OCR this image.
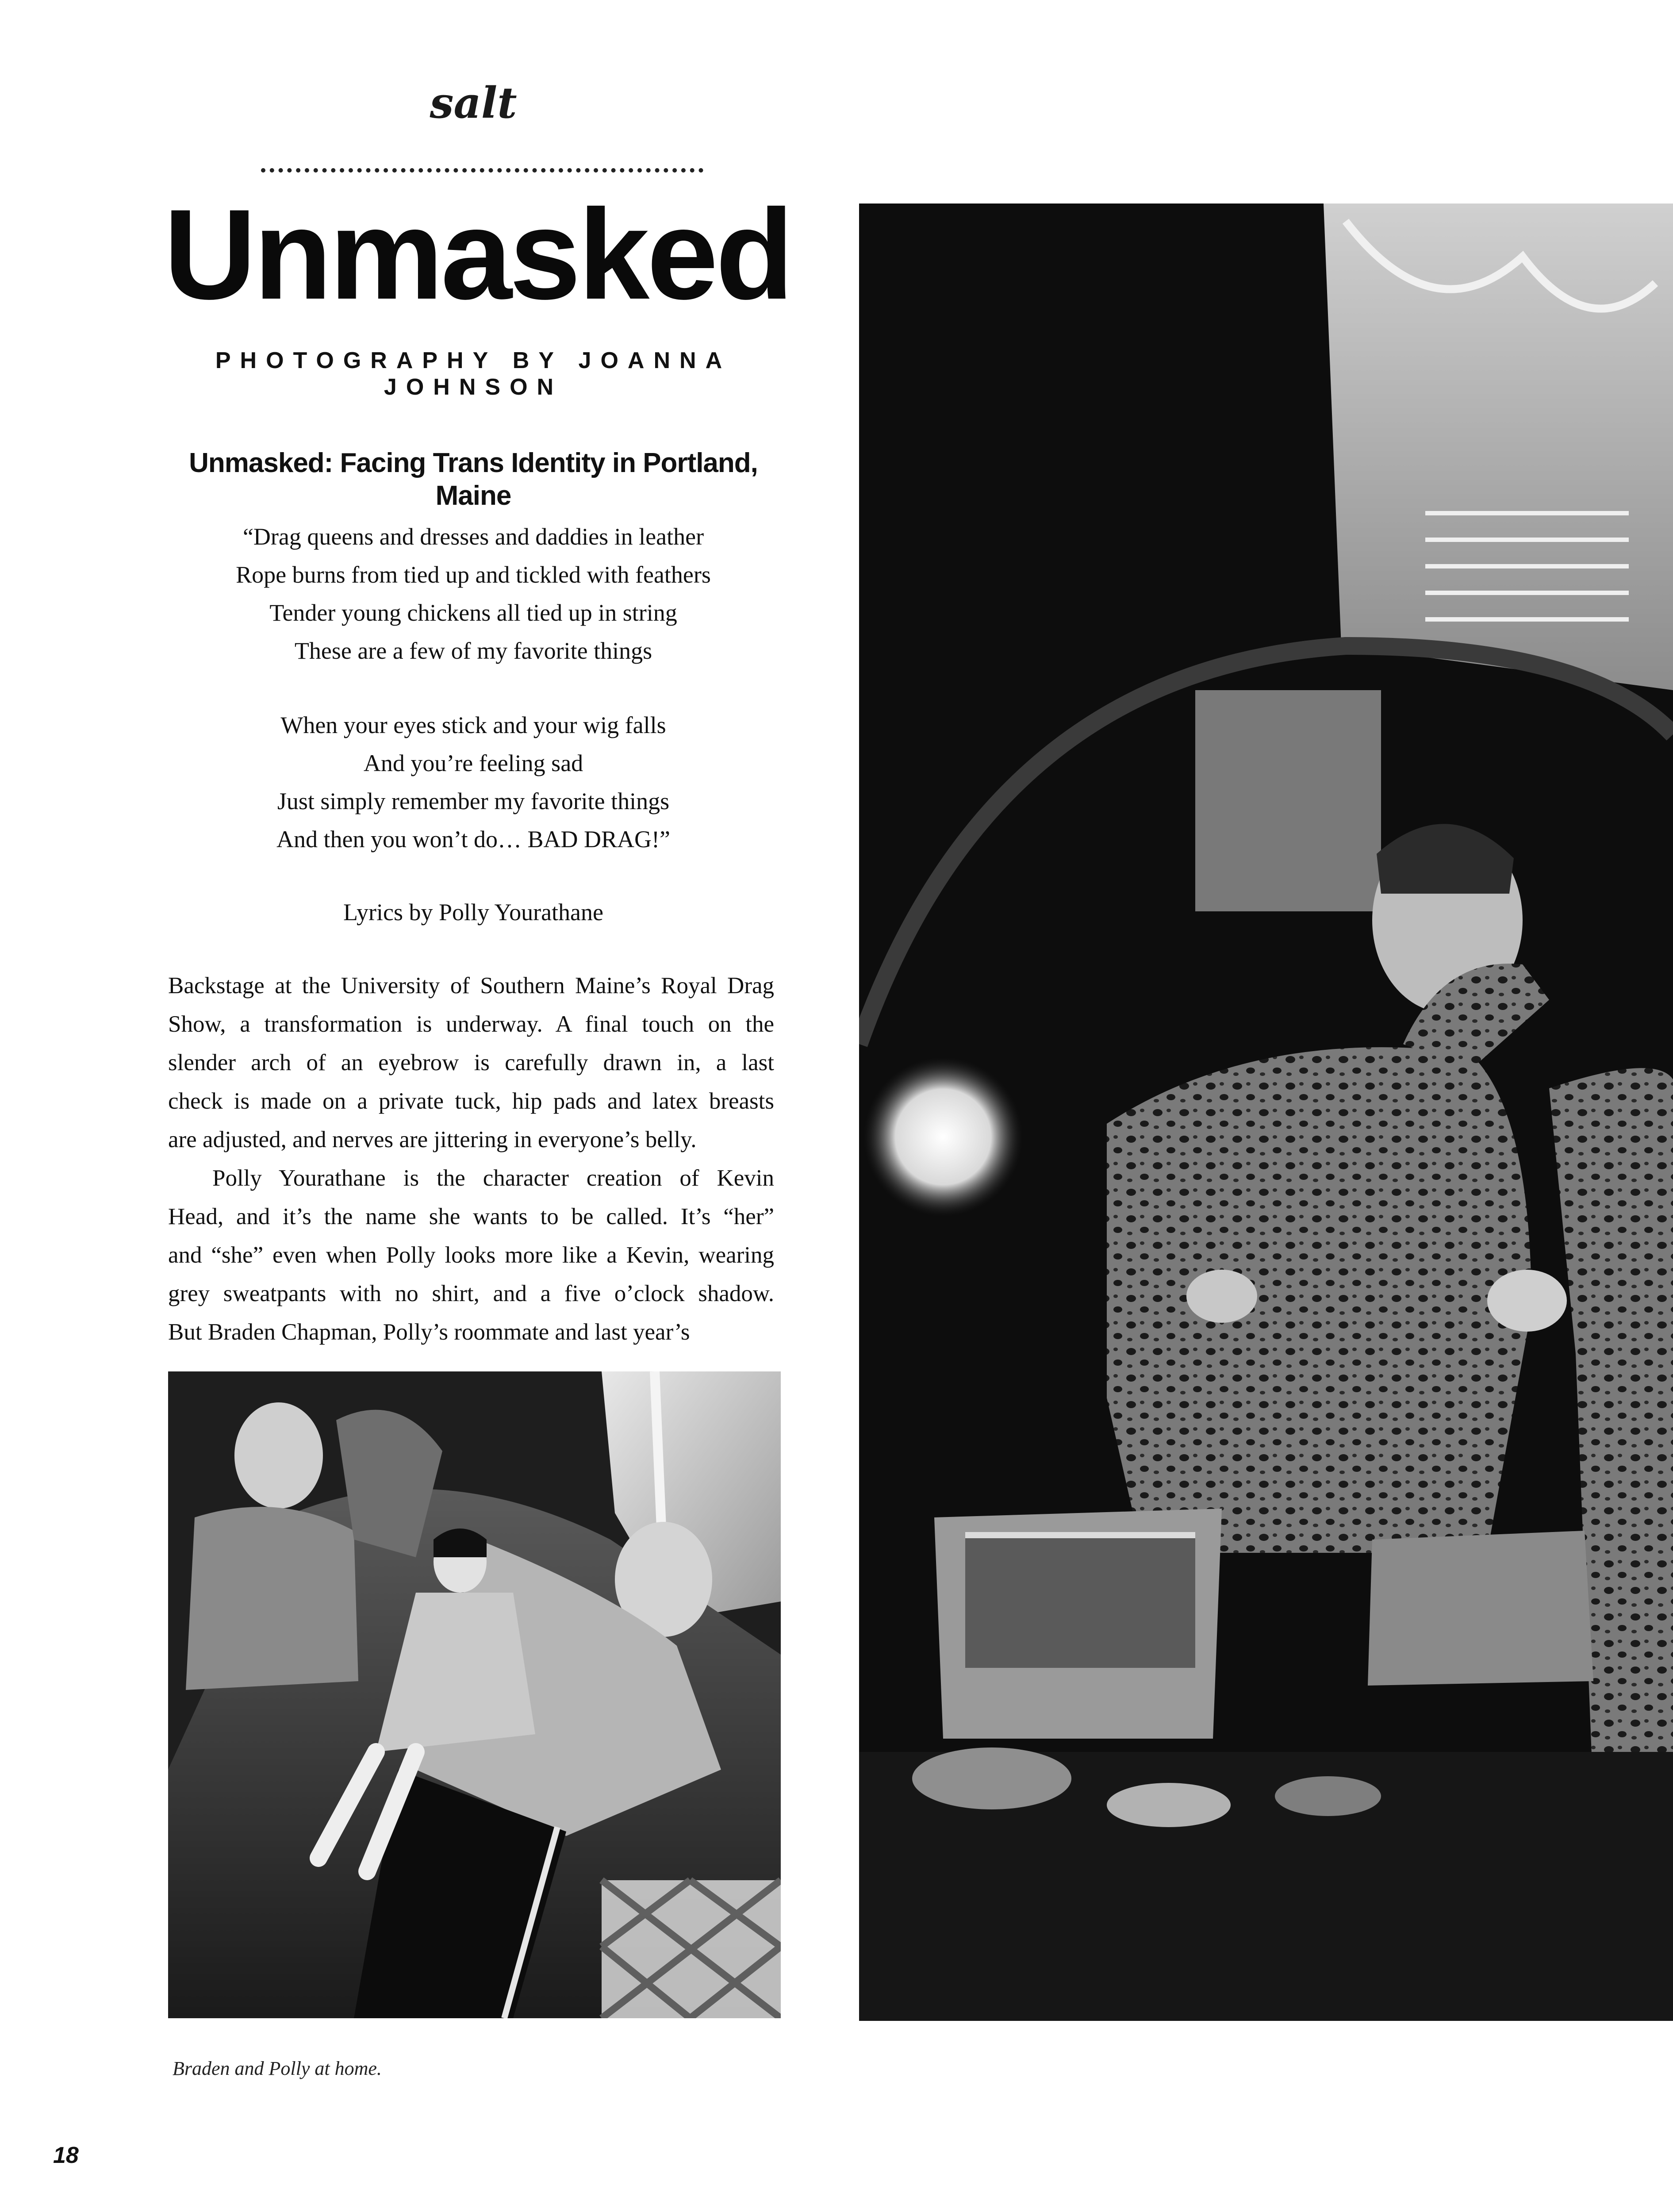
salt
Unmasked
PHOTOGRAPHY BY JOANNA JOHNSON
Unmasked: Facing Trans Identity in Portland, Maine
“Drag queens and dresses and daddies in leather
Rope burns from tied up and tickled with feathers
Tender young chickens all tied up in string
These are a few of my favorite things
When your eyes stick and your wig falls
And you’re feeling sad
Just simply remember my favorite things
And then you won’t do… BAD DRAG!”
Lyrics by Polly Yourathane
Backstage at the University of Southern Maine’s Royal Drag
Show, a transformation is underway. A final touch on the
slender arch of an eyebrow is carefully drawn in, a last
check is made on a private tuck, hip pads and latex breasts
are adjusted, and nerves are jittering in everyone’s belly.
Polly Yourathane is the character creation of Kevin
Head, and it’s the name she wants to be called. It’s “her”
and “she” even when Polly looks more like a Kevin, wearing
grey sweatpants with no shirt, and a five o’clock shadow.
But Braden Chapman, Polly’s roommate and last year’s
Braden and Polly at home.
18
